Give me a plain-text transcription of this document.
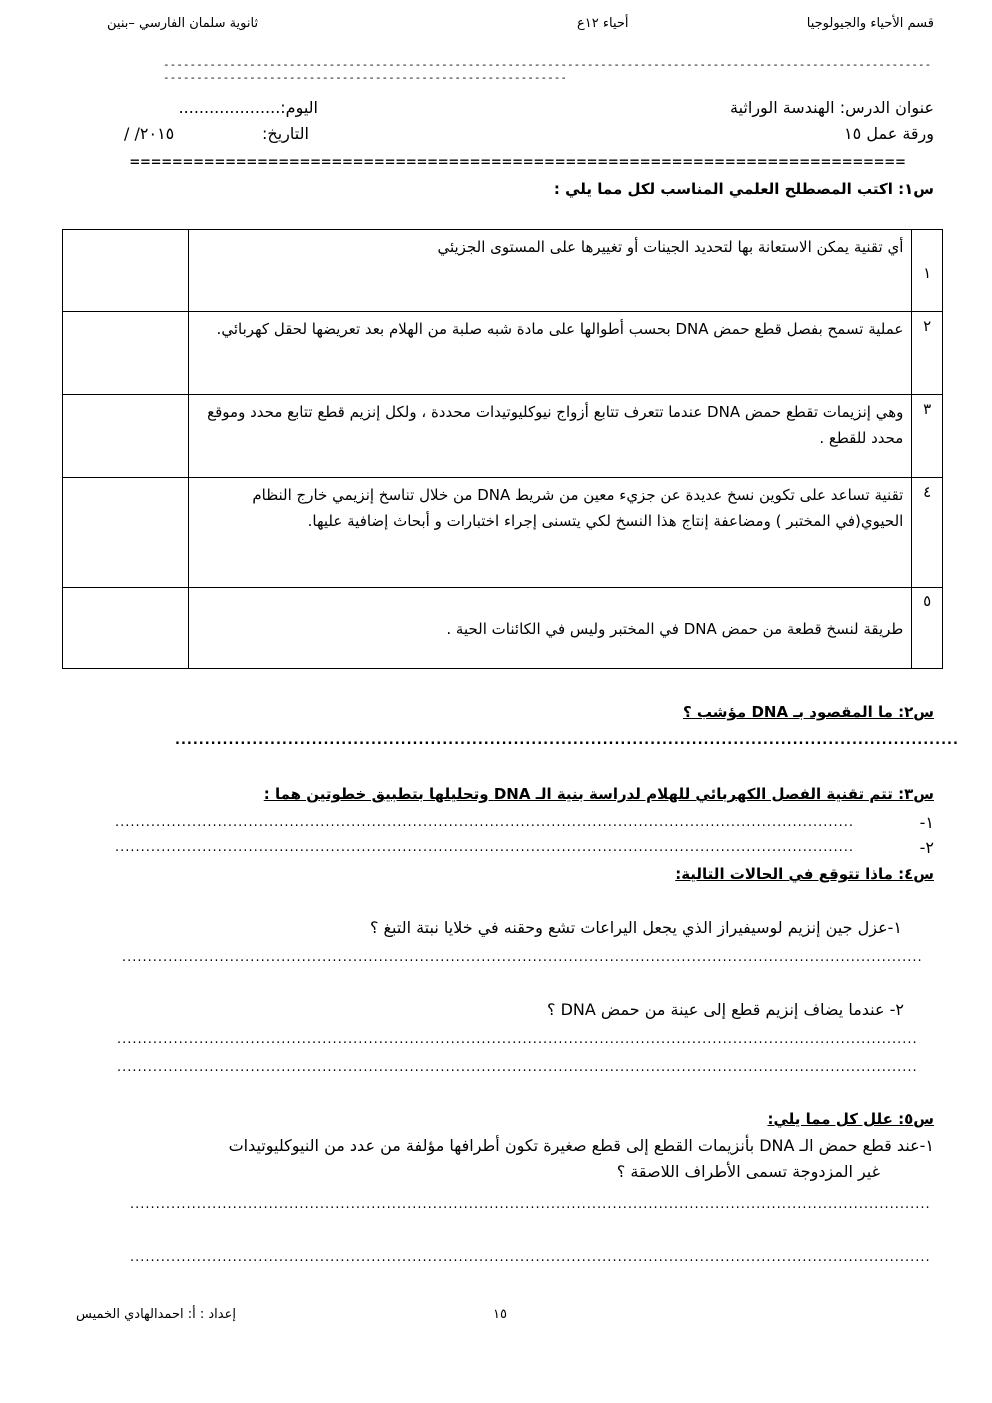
قسم الأحياء والجيولوجيا
أحياء ١٢ع
ثانوية سلمان الفارسي –بنين
---------------------------------------------------------------------------------------------------------------------------------------------------------------------------------
عنوان الدرس: الهندسة الوراثية
ورقة عمل ١٥
اليوم:....................
التاريخ:
/ /٢٠١٥
=========================================================================
س١: اكتب المصطلح العلمي المناسب لكل مما يلي :
١	أي تقنية يمكن الاستعانة بها لتحديد الجينات أو تغييرها على المستوى الجزيئي	
٢	عملية تسمح بفصل قطع حمض DNA بحسب أطوالها على مادة شبه صلبة من الهلام بعد تعريضها لحقل كهربائي.	
٣	وهي إنزيمات تقطع حمض DNA عندما تتعرف تتابع أزواج نيوكليوتيدات محددة ، ولكل إنزيم قطع تتابع محدد وموقع محدد للقطع .	
٤	تقنية تساعد على تكوين نسخ عديدة عن جزيء معين من شريط DNA من خلال تناسخ إنزيمي خارج النظام الحيوي(في المختبر ) ومضاعفة إنتاج هذا النسخ لكي يتسنى إجراء اختبارات و أبحاث إضافية عليها.	
٥	طريقة لنسخ قطعة من حمض DNA في المختبر وليس في الكائنات الحية .	
س٢: ما المقصود بـ DNA مؤشب ؟
....................................................................................................................................
س٣: تتم تقنية الفصل الكهربائي للهلام لدراسة بنية الـ DNA وتحليلها بتطبيق خطوتين هما :
١-
................................................................................................................................................
٢-
................................................................................................................................................
س٤: ماذا تتوقع في الحالات التالية:
١-عزل جين إنزيم لوسيفيراز الذي يجعل اليراعات تشع وحقنه في خلايا نبتة التبغ ؟
............................................................................................................................................................
٢- عندما يضاف إنزيم قطع إلى عينة من حمض DNA ؟
............................................................................................................................................................
............................................................................................................................................................
س٥: علل كل مما يلي:
١-عند قطع حمض الـ DNA بأنزيمات القطع إلى قطع صغيرة تكون أطرافها مؤلفة من عدد من النيوكليوتيدات
غير المزدوجة تسمى الأطراف اللاصقة ؟
............................................................................................................................................................
............................................................................................................................................................
إعداد : أ: احمدالهادي الخميس	١٥
